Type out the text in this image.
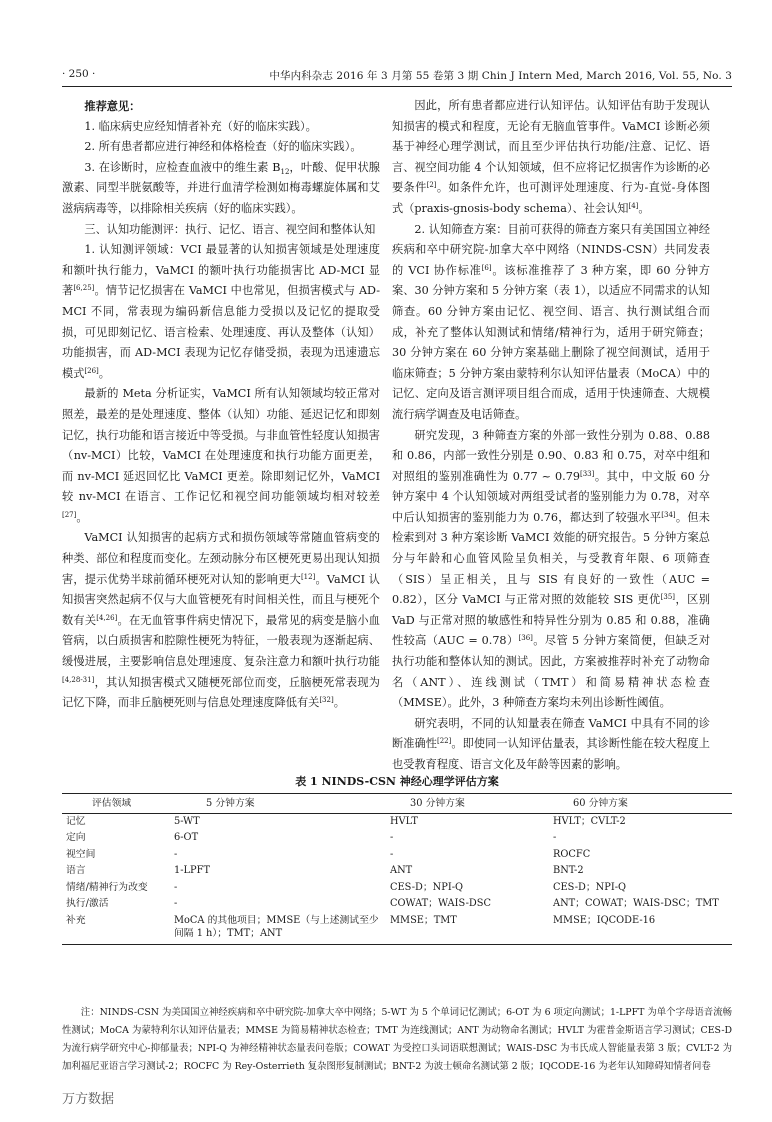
· 250 ·	中华内科杂志 2016 年 3 月第 55 卷第 3 期 Chin J Intern Med, March 2016, Vol. 55, No. 3

推荐意见：

1. 临床病史应经知情者补充（好的临床实践）。

2. 所有患者都应进行神经和体格检查（好的临床实践）。

3. 在诊断时，应检查血液中的维生素 $B_{12}$，叶酸、促甲状腺激素、同型半胱氨酸等，并进行血清学检测如梅毒螺旋体属和艾滋病病毒等，以排除相关疾病（好的临床实践）。

三、认知功能测评：执行、记忆、语言、视空间和整体认知

1. 认知测评领域：VCI 最显著的认知损害领域是处理速度和额叶执行能力，VaMCI 的额叶执行功能损害比 AD-MCI 显著[6,25]。情节记忆损害在 VaMCI 中也常见，但损害模式与 AD-MCI 不同，常表现为编码新信息能力受损以及记忆的提取受损，可见即刻记忆、语言检索、处理速度、再认及整体（认知）功能损害，而 AD-MCI 表现为记忆存储受损，表现为迅速遗忘模式[26]。

最新的 Meta 分析证实，VaMCI 所有认知领域均较正常对照差，最差的是处理速度、整体（认知）功能、延迟记忆和即刻记忆，执行功能和语言接近中等受损。与非血管性轻度认知损害（nv-MCI）比较，VaMCI 在处理速度和执行功能方面更差，而 nv-MCI 延迟回忆比 VaMCI 更差。除即刻记忆外，VaMCI 较 nv-MCI 在语言、工作记忆和视空间功能领域均相对较差[27]。

VaMCI 认知损害的起病方式和损伤领域等常随血管病变的种类、部位和程度而变化。左颈动脉分布区梗死更易出现认知损害，提示优势半球前循环梗死对认知的影响更大[12]。VaMCI 认知损害突然起病不仅与大血管梗死有时间相关性，而且与梗死个数有关[4,26]。在无血管事件病史情况下，最常见的病变是脑小血管病，以白质损害和腔隙性梗死为特征，一般表现为逐渐起病、缓慢进展，主要影响信息处理速度、复杂注意力和额叶执行功能[4,28-31]，其认知损害模式又随梗死部位而变，丘脑梗死常表现为记忆下降，而非丘脑梗死则与信息处理速度降低有关[32]。

因此，所有患者都应进行认知评估。认知评估有助于发现认知损害的模式和程度，无论有无脑血管事件。VaMCI 诊断必须基于神经心理学测试，而且至少评估执行功能/注意、记忆、语言、视空间功能 4 个认知领域，但不应将记忆损害作为诊断的必要条件[2]。如条件允许，也可测评处理速度、行为-直觉-身体图式（praxis-gnosis-body schema）、社会认知[4]。

2. 认知筛查方案：目前可获得的筛查方案只有美国国立神经疾病和卒中研究院-加拿大卒中网络（NINDS-CSN）共同发表的 VCI 协作标准[6]。该标准推荐了 3 种方案，即 60 分钟方案、30 分钟方案和 5 分钟方案（表 1），以适应不同需求的认知筛查。60 分钟方案由记忆、视空间、语言、执行测试组合而成，补充了整体认知测试和情绪/精神行为，适用于研究筛查；30 分钟方案在 60 分钟方案基础上删除了视空间测试，适用于临床筛查；5 分钟方案由蒙特利尔认知评估量表（MoCA）中的记忆、定向及语言测评项目组合而成，适用于快速筛查、大规模流行病学调查及电话筛查。

研究发现，3 种筛查方案的外部一致性分别为 0.88、0.88 和 0.86，内部一致性分别是 0.90、0.83 和 0.75，对卒中组和对照组的鉴别准确性为 0.77 ~ 0.79[33]。其中，中文版 60 分钟方案中 4 个认知领域对两组受试者的鉴别能力为 0.78，对卒中后认知损害的鉴别能力为 0.76，都达到了较强水平[34]。但未检索到对 3 种方案诊断 VaMCI 效能的研究报告。5 分钟方案总分与年龄和心血管风险呈负相关，与受教育年限、6 项筛查（SIS）呈正相关，且与 SIS 有良好的一致性（AUC = 0.82），区分 VaMCI 与正常对照的效能较 SIS 更优[35]，区别 VaD 与正常对照的敏感性和特异性分别为 0.85 和 0.88，准确性较高（AUC = 0.78）[36]。尽管 5 分钟方案简便，但缺乏对执行功能和整体认知的测试。因此，方案被推荐时补充了动物命名（ANT）、连线测试（TMT）和简易精神状态检查（MMSE）。此外，3 种筛查方案均未列出诊断性阈值。

研究表明，不同的认知量表在筛查 VaMCI 中具有不同的诊断准确性[22]。即使同一认知评估量表，其诊断性能在较大程度上也受教育程度、语言文化及年龄等因素的影响。

表 1 NINDS-CSN 神经心理学评估方案
评估领域	5 分钟方案	30 分钟方案	60 分钟方案
记忆	5-WT	HVLT	HVLT；CVLT-2
定向	6-OT	-	-
视空间	-	-	ROCFC
语言	1-LPFT	ANT	BNT-2
情绪/精神行为改变	-	CES-D；NPI-Q	CES-D；NPI-Q
执行/激活	-	COWAT；WAIS-DSC	ANT；COWAT；WAIS-DSC；TMT
补充	MoCA 的其他项目；MMSE（与上述测试至少间隔 1 h）；TMT；ANT	MMSE；TMT	MMSE；IQCODE-16
注：NINDS-CSN 为美国国立神经疾病和卒中研究院-加拿大卒中网络；5-WT 为 5 个单词记忆测试；6-OT 为 6 项定向测试；1-LPFT 为单个字母语音流畅性测试；MoCA 为蒙特利尔认知评估量表；MMSE 为简易精神状态检查；TMT 为连线测试；ANT 为动物命名测试；HVLT 为霍普金斯语言学习测试；CES-D 为流行病学研究中心-抑郁量表；NPI-Q 为神经精神状态量表问卷版；COWAT 为受控口头词语联想测试；WAIS-DSC 为韦氏成人智能量表第 3 版；CVLT-2 为加利福尼亚语言学习测试-2；ROCFC 为 Rey-Osterrieth 复杂图形复制测试；BNT-2 为波士顿命名测试第 2 版；IQCODE-16 为老年认知障碍知情者问卷
万方数据
